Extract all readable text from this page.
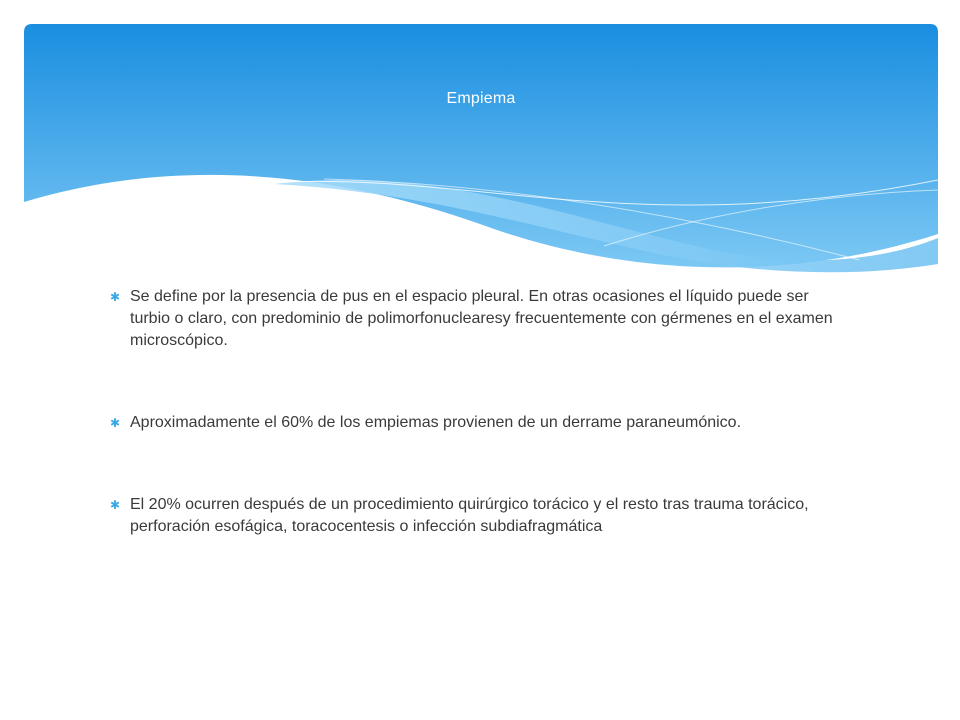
Empiema
✱ Se define por la presencia de pus en el espacio pleural. En otras ocasiones el líquido puede ser turbio o claro, con predominio de polimorfonuclearesy frecuentemente con gérmenes en el examen microscópico.
✱ Aproximadamente el 60% de los empiemas provienen de un derrame paraneumónico.
✱ El 20% ocurren después de un procedimiento quirúrgico torácico y el resto tras trauma torácico, perforación esofágica, toracocentesis o infección subdiafragmática
